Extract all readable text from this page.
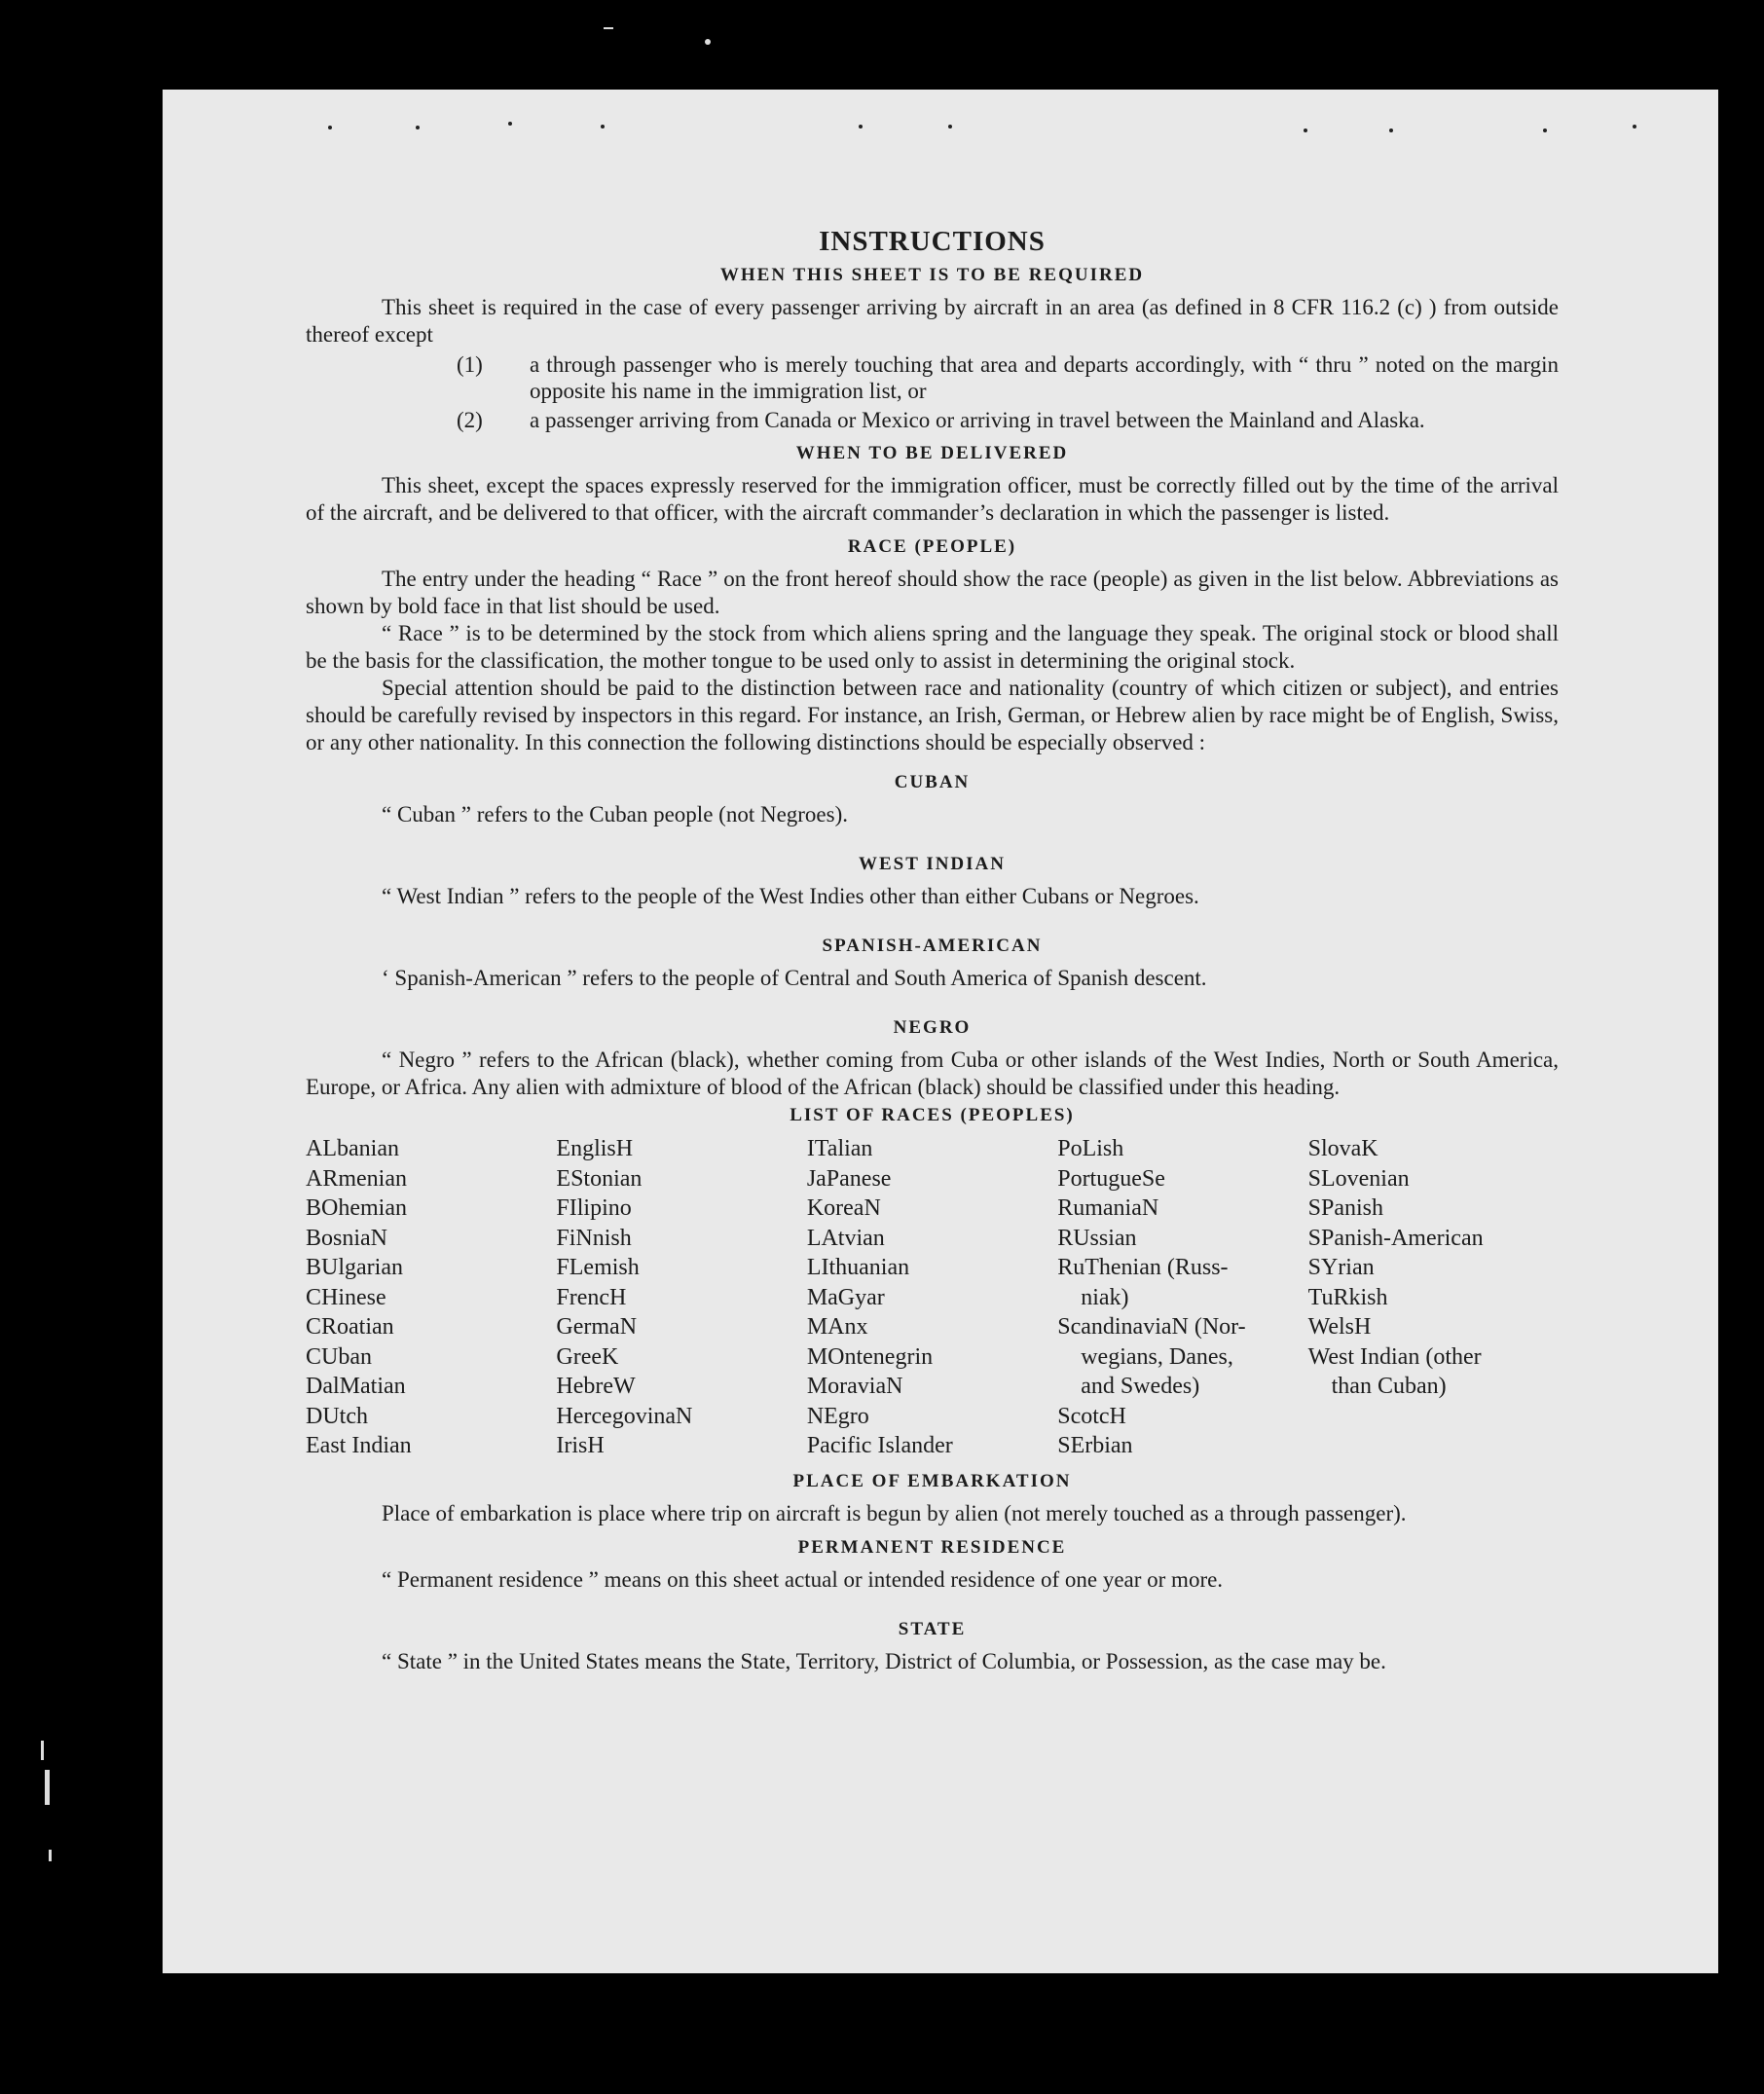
INSTRUCTIONS
WHEN THIS SHEET IS TO BE REQUIRED

This sheet is required in the case of every passenger arriving by aircraft in an area (as defined in 8 CFR 116.2 (c) ) from outside thereof except

(1) a through passenger who is merely touching that area and departs accordingly, with “ thru ” noted on the margin opposite his name in the immigration list, or
(2) a passenger arriving from Canada or Mexico or arriving in travel between the Mainland and Alaska.
WHEN TO BE DELIVERED

This sheet, except the spaces expressly reserved for the immigration officer, must be correctly filled out by the time of the arrival of the aircraft, and be delivered to that officer, with the aircraft commander’s declaration in which the passenger is listed.

RACE (PEOPLE)

The entry under the heading “ Race ” on the front hereof should show the race (people) as given in the list below. Abbreviations as shown by bold face in that list should be used.

“ Race ” is to be determined by the stock from which aliens spring and the language they speak. The original stock or blood shall be the basis for the classification, the mother tongue to be used only to assist in determining the original stock.

Special attention should be paid to the distinction between race and nationality (country of which citizen or subject), and entries should be carefully revised by inspectors in this regard. For instance, an Irish, German, or Hebrew alien by race might be of English, Swiss, or any other nationality. In this connection the following distinctions should be especially observed :

CUBAN

“ Cuban ” refers to the Cuban people (not Negroes).

WEST INDIAN

“ West Indian ” refers to the people of the West Indies other than either Cubans or Negroes.

SPANISH-AMERICAN

‘ Spanish-American ” refers to the people of Central and South America of Spanish descent.

NEGRO

“ Negro ” refers to the African (black), whether coming from Cuba or other islands of the West Indies, North or South America, Europe, or Africa. Any alien with admixture of blood of the African (black) should be classified under this heading.

LIST OF RACES (PEOPLES)
ALbanian
ARmenian
BOhemian
BosniaN
BUlgarian
CHinese
CRoatian
CUban
DalMatian
DUtch
East Indian
EnglisH
EStonian
FIlipino
FiNnish
FLemish
FrencH
GermaN
GreeK
HebreW
HercegovinaN
IrisH
ITalian
JaPanese
KoreaN
LAtvian
LIthuanian
MaGyar
MAnx
MOntenegrin
MoraviaN
NEgro
Pacific Islander
PoLish
PortugueSe
RumaniaN
RUssian
RuThenian (Russ-
niak)
ScandinaviaN (Nor-
wegians, Danes,
and Swedes)
ScotcH
SErbian
SlovaK
SLovenian
SPanish
SPanish-American
SYrian
TuRkish
WelsH
West Indian (other
than Cuban)
PLACE OF EMBARKATION

Place of embarkation is place where trip on aircraft is begun by alien (not merely touched as a through passenger).

PERMANENT RESIDENCE

“ Permanent residence ” means on this sheet actual or intended residence of one year or more.

STATE

“ State ” in the United States means the State, Territory, District of Columbia, or Possession, as the case may be.
